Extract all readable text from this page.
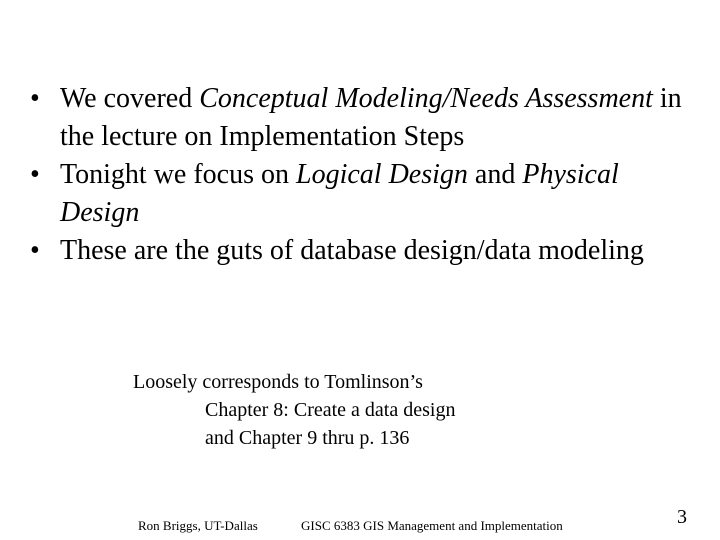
• We covered Conceptual Modeling/Needs Assessment in the lecture on Implementation Steps

• Tonight we focus on Logical Design and Physical Design

• These are the guts of database design/data modeling

Loosely corresponds to Tomlinson’s
Chapter 8: Create a data design
and Chapter 9 thru p. 136
Ron Briggs, UT-Dallas	GISC 6383 GIS Management and Implementation	3
